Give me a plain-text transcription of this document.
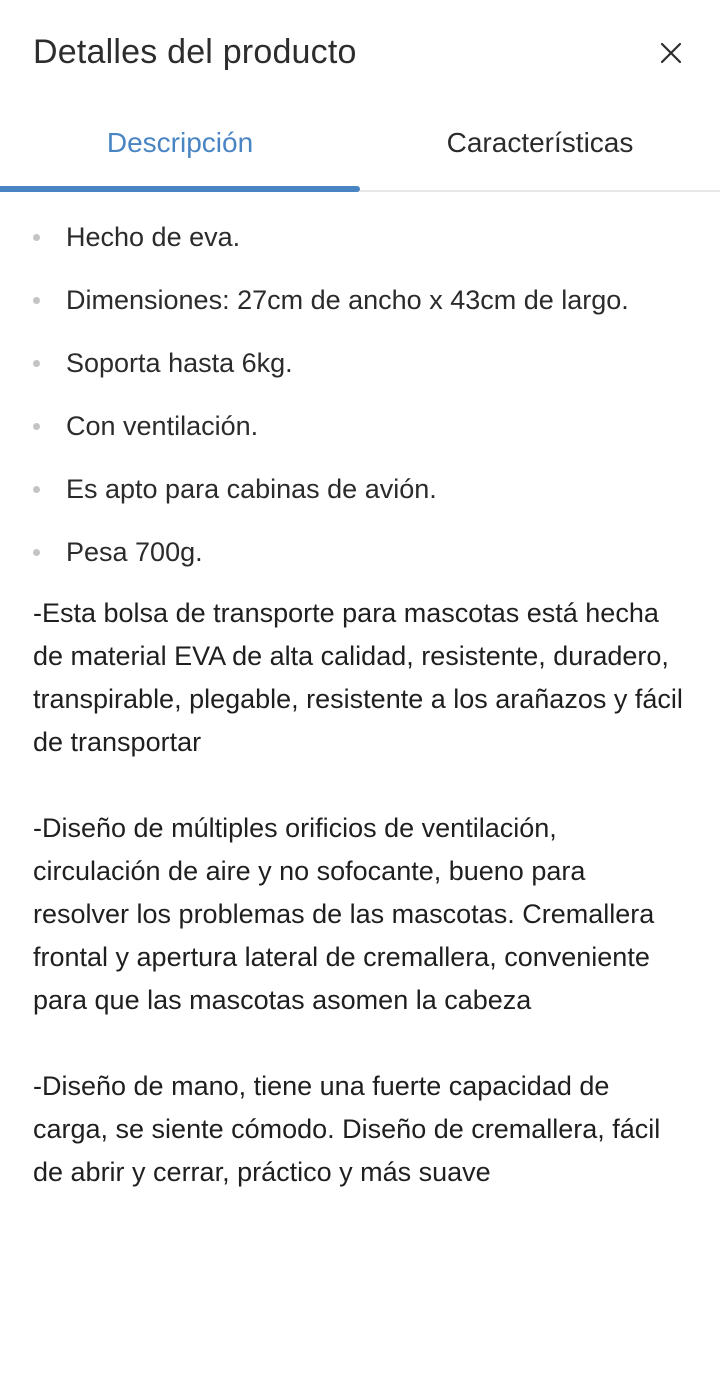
Detalles del producto
Descripción	Características
Hecho de eva.
Dimensiones: 27cm de ancho x 43cm de largo.
Soporta hasta 6kg.
Con ventilación.
Es apto para cabinas de avión.
Pesa 700g.

-Esta bolsa de transporte para mascotas está hecha de material EVA de alta calidad, resistente, duradero, transpirable, plegable, resistente a los arañazos y fácil de transportar

-Diseño de múltiples orificios de ventilación, circulación de aire y no sofocante, bueno para resolver los problemas de las mascotas. Cremallera frontal y apertura lateral de cremallera, conveniente para que las mascotas asomen la cabeza

-Diseño de mano, tiene una fuerte capacidad de carga, se siente cómodo. Diseño de cremallera, fácil de abrir y cerrar, práctico y más suave
